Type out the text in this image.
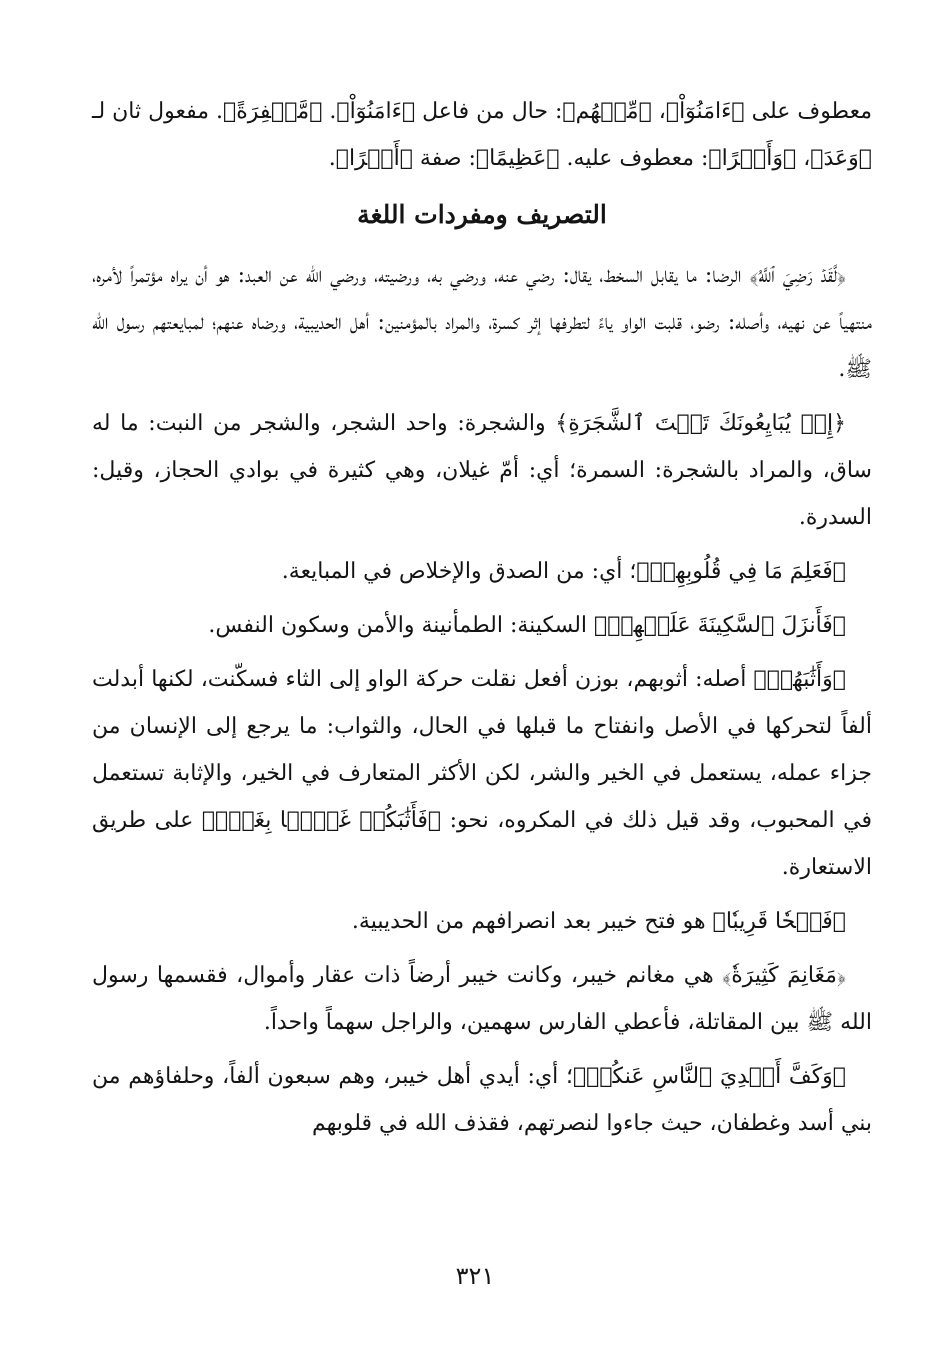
معطوف على ﴿ءَامَنُوٓاْ﴾، ﴿مِّنۡهُم﴾: حال من فاعل ﴿ءَامَنُوٓاْ﴾. ﴿مَّغۡفِرَةً﴾. مفعول ثان لـ ﴿وَعَدَ﴾، ﴿وَأَجۡرًا﴾: معطوف عليه. ﴿عَظِيمًا﴾: صفة ﴿أَجۡرًا﴾.

التصريف ومفردات اللغة

﴿لَّقَدۡ رَضِيَ ٱللَّهُ﴾ الرضا: ما يقابل السخط، يقال: رضي عنه، ورضي به، ورضيته، ورضي الله عن العبد: هو أن يراه مؤتمراً لأمره، منتهياً عن نهيه، وأصله: رضو، قلبت الواو ياءً لتطرفها إثر كسرة، والمراد بالمؤمنين: أهل الحديبية، ورضاه عنهم؛ لمبايعتهم رسول الله ﷺ.

﴿إِذۡ يُبَايِعُونَكَ تَحۡتَ ٱلشَّجَرَةِ﴾ والشجرة: واحد الشجر، والشجر من النبت: ما له ساق، والمراد بالشجرة: السمرة؛ أي: أمّ غيلان، وهي كثيرة في بوادي الحجاز، وقيل: السدرة.

﴿فَعَلِمَ مَا فِي قُلُوبِهِمۡ﴾؛ أي: من الصدق والإخلاص في المبايعة.

﴿فَأَنزَلَ ٱلسَّكِينَةَ عَلَيۡهِمۡ﴾ السكينة: الطمأنينة والأمن وسكون النفس.

﴿وَأَثَٰبَهُمۡ﴾ أصله: أثوبهم، بوزن أفعل نقلت حركة الواو إلى الثاء فسكّنت، لكنها أبدلت ألفاً لتحركها في الأصل وانفتاح ما قبلها في الحال، والثواب: ما يرجع إلى الإنسان من جزاء عمله، يستعمل في الخير والشر، لكن الأكثر المتعارف في الخير، والإثابة تستعمل في المحبوب، وقد قيل ذلك في المكروه، نحو: ﴿فَأَثَٰبَكُمۡ غَمَّۢا بِغَمّٖ﴾ على طريق الاستعارة.

﴿فَتۡحٗا قَرِيبٗا﴾ هو فتح خيبر بعد انصرافهم من الحديبية.

﴿مَغَانِمَ كَثِيرَةٗ﴾ هي مغانم خيبر، وكانت خيبر أرضاً ذات عقار وأموال، فقسمها رسول الله ﷺ بين المقاتلة، فأعطي الفارس سهمين، والراجل سهماً واحداً.

﴿وَكَفَّ أَيۡدِيَ ٱلنَّاسِ عَنكُمۡ﴾؛ أي: أيدي أهل خيبر، وهم سبعون ألفاً، وحلفاؤهم من بني أسد وغطفان، حيث جاءوا لنصرتهم، فقذف الله في قلوبهم

٣٢١
